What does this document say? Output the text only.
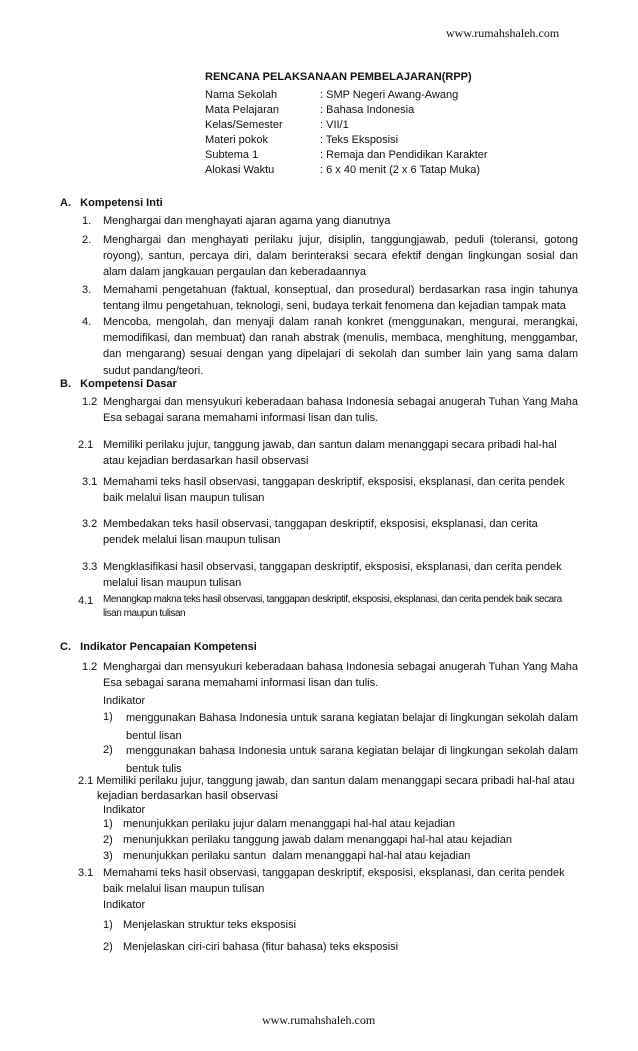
www.rumahshaleh.com
RENCANA PELAKSANAAN PEMBELAJARAN(RPP)
Nama Sekolah	: SMP Negeri Awang-Awang
Mata Pelajaran	: Bahasa Indonesia
Kelas/Semester	: VII/1
Materi pokok	: Teks Eksposisi
Subtema 1	: Remaja dan Pendidikan Karakter
Alokasi Waktu	: 6 x 40 menit (2 x 6 Tatap Muka)
A.   Kompetensi Inti
1. Menghargai dan menghayati ajaran agama yang dianutnya
2. Menghargai dan menghayati perilaku jujur, disiplin, tanggungjawab, peduli (toleransi, gotong royong), santun, percaya diri, dalam berinteraksi secara efektif dengan lingkungan sosial dan alam dalam jangkauan pergaulan dan keberadaannya
3. Memahami pengetahuan (faktual, konseptual, dan prosedural) berdasarkan rasa ingin tahunya tentang ilmu pengetahuan, teknologi, seni, budaya terkait fenomena dan kejadian tampak mata
4. Mencoba, mengolah, dan menyaji dalam ranah konkret (menggunakan, mengurai, merangkai, memodifikasi, dan membuat) dan ranah abstrak (menulis, membaca, menghitung, menggambar, dan mengarang) sesuai dengan yang dipelajari di sekolah dan sumber lain yang sama dalam sudut pandang/teori.
B.   Kompetensi Dasar
1.2 Menghargai dan mensyukuri keberadaan bahasa Indonesia sebagai anugerah Tuhan Yang Maha Esa sebagai sarana memahami informasi lisan dan tulis.
2.1 Memiliki perilaku jujur, tanggung jawab, dan santun dalam menanggapi secara pribadi hal-hal atau kejadian berdasarkan hasil observasi
3.1 Memahami teks hasil observasi, tanggapan deskriptif, eksposisi, eksplanasi, dan cerita pendek baik melalui lisan maupun tulisan
3.2 Membedakan teks hasil observasi, tanggapan deskriptif, eksposisi, eksplanasi, dan cerita pendek melalui lisan maupun tulisan
3.3 Mengklasifikasi hasil observasi, tanggapan deskriptif, eksposisi, eksplanasi, dan cerita pendek melalui lisan maupun tulisan
4.1 Menangkap makna teks hasil observasi, tanggapan deskriptif, eksposisi, eksplanasi, dan cerita pendek baik secara lisan maupun tulisan
C.   Indikator Pencapaian Kompetensi
1.2 Menghargai dan mensyukuri keberadaan bahasa Indonesia sebagai anugerah Tuhan Yang Maha Esa sebagai sarana memahami informasi lisan dan tulis.
Indikator
1) menggunakan Bahasa Indonesia untuk sarana kegiatan belajar di lingkungan sekolah dalam bentul lisan
2) menggunakan bahasa Indonesia untuk sarana kegiatan belajar di lingkungan sekolah dalam bentuk tulis
2.1 Memiliki perilaku jujur, tanggung jawab, dan santun dalam menanggapi secara pribadi hal-hal atau
kejadian berdasarkan hasil observasi
Indikator
1) menunjukkan perilaku jujur dalam menanggapi hal-hal atau kejadian
2) menunjukkan perilaku tanggung jawab dalam menanggapi hal-hal atau kejadian
3) menunjukkan perilaku santun  dalam menanggapi hal-hal atau kejadian
3.1 Memahami teks hasil observasi, tanggapan deskriptif, eksposisi, eksplanasi, dan cerita pendek baik melalui lisan maupun tulisan
Indikator
1) Menjelaskan struktur teks eksposisi
2) Menjelaskan ciri-ciri bahasa (fitur bahasa) teks eksposisi
www.rumahshaleh.com
